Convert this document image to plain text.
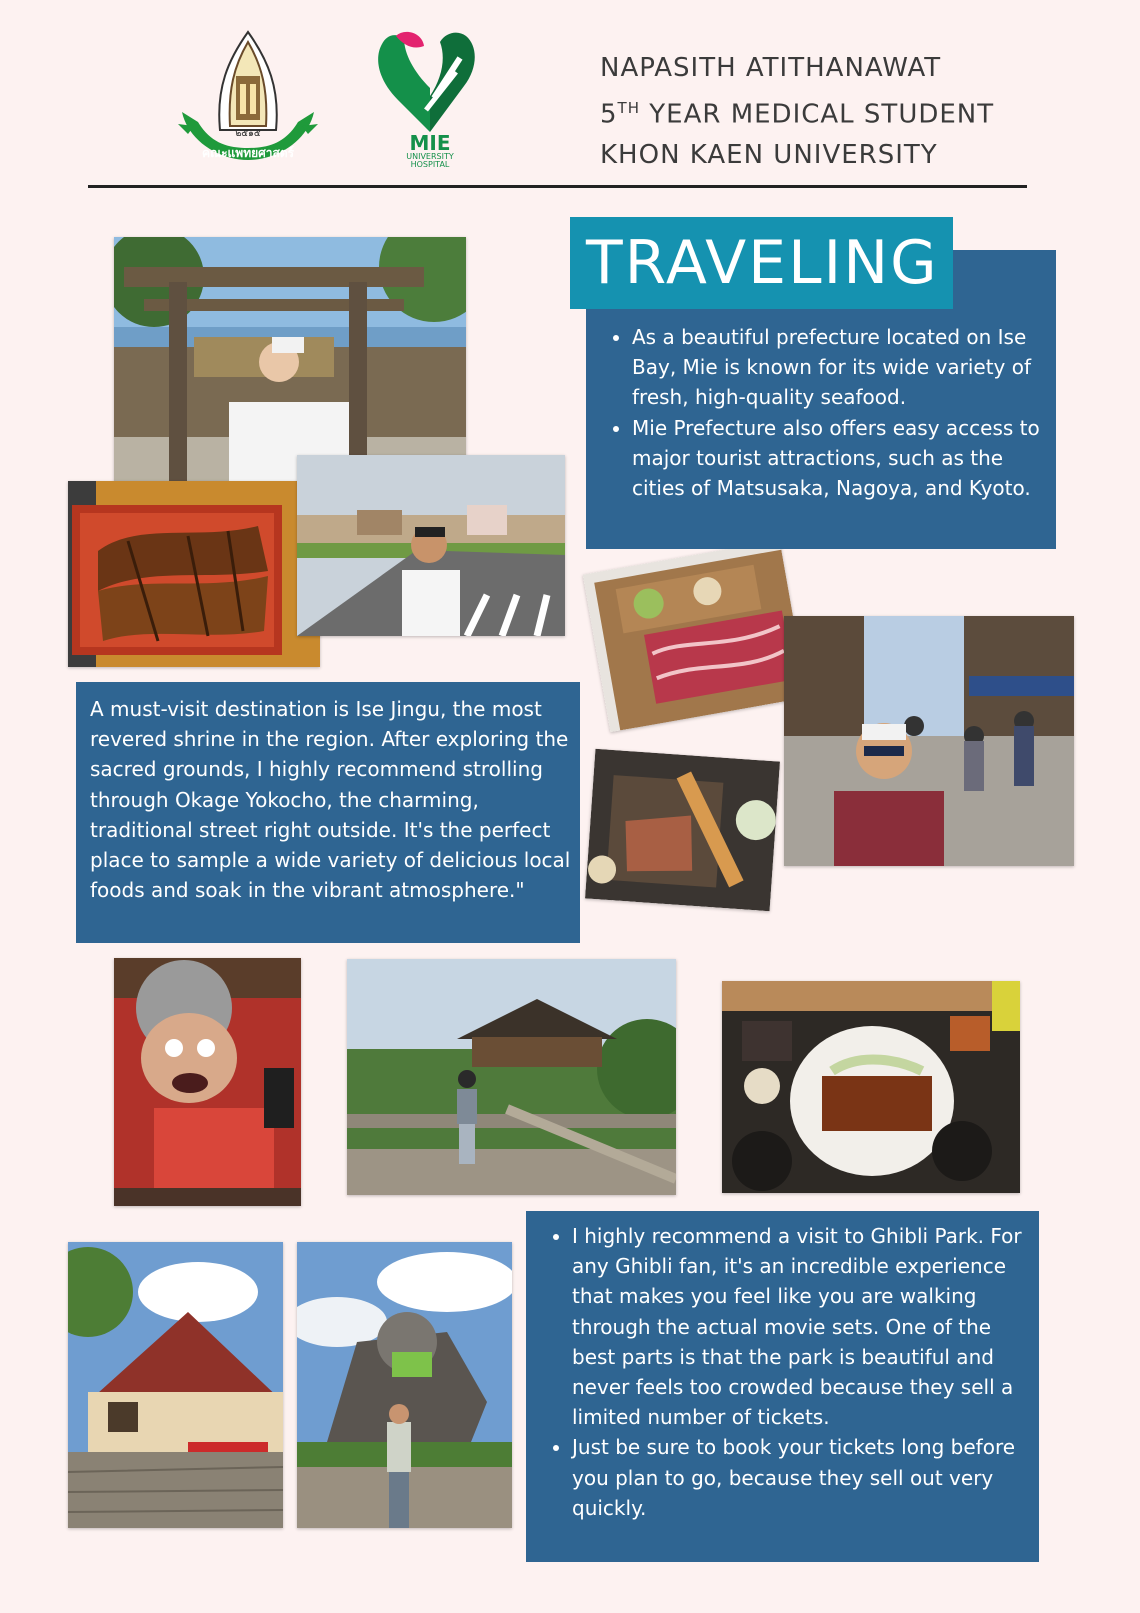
๒๕๑๕
คณะแพทยศาสตร์	MIE
UNIVERSITY
HOSPITAL
NAPASITH ATITHANAWAT
5TH YEAR MEDICAL STUDENT
KHON KAEN UNIVERSITY
• As a beautiful prefecture located on Ise Bay, Mie is known for its wide variety of fresh, high-quality seafood.
• Mie Prefecture also offers easy access to major tourist attractions, such as the cities of Matsusaka, Nagoya, and Kyoto.
TRAVELING
A must-visit destination is Ise Jingu, the most revered shrine in the region. After exploring the sacred grounds, I highly recommend strolling through Okage Yokocho, the charming, traditional street right outside. It's the perfect place to sample a wide variety of delicious local foods and soak in the vibrant atmosphere."
• I highly recommend a visit to Ghibli Park. For any Ghibli fan, it's an incredible experience that makes you feel like you are walking through the actual movie sets. One of the best parts is that the park is beautiful and never feels too crowded because they sell a limited number of tickets.
• Just be sure to book your tickets long before you plan to go, because they sell out very quickly.
